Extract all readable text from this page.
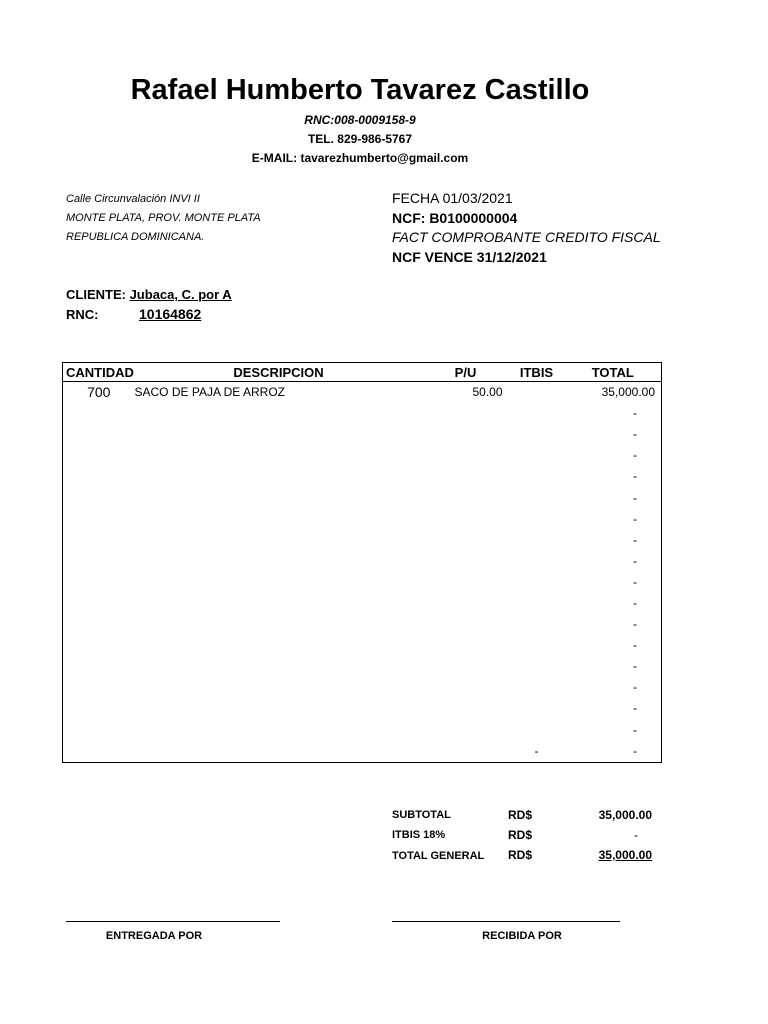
Rafael Humberto Tavarez Castillo
RNC:008-0009158-9
TEL. 829-986-5767
E-MAIL: tavarezhumberto@gmail.com
Calle Circunvalación INVI II
MONTE PLATA, PROV. MONTE PLATA
REPUBLICA DOMINICANA.
FECHA 01/03/2021
NCF: B0100000004
FACT COMPROBANTE CREDITO FISCAL
NCF VENCE 31/12/2021
CLIENTE: Jubaca, C. por A
RNC:	10164862
CANTIDAD	DESCRIPCION	P/U	ITBIS	TOTAL
700	SACO DE PAJA DE ARROZ	50.00		35,000.00
				-
				-
				-
				-
				-
				-
				-
				-
				-
				-
				-
				-
				-
				-
				-
				-
			-	-
SUBTOTAL	RD$	35,000.00
ITBIS 18%	RD$	-
TOTAL GENERAL RD$	35,000.00
ENTREGADA POR	RECIBIDA POR
